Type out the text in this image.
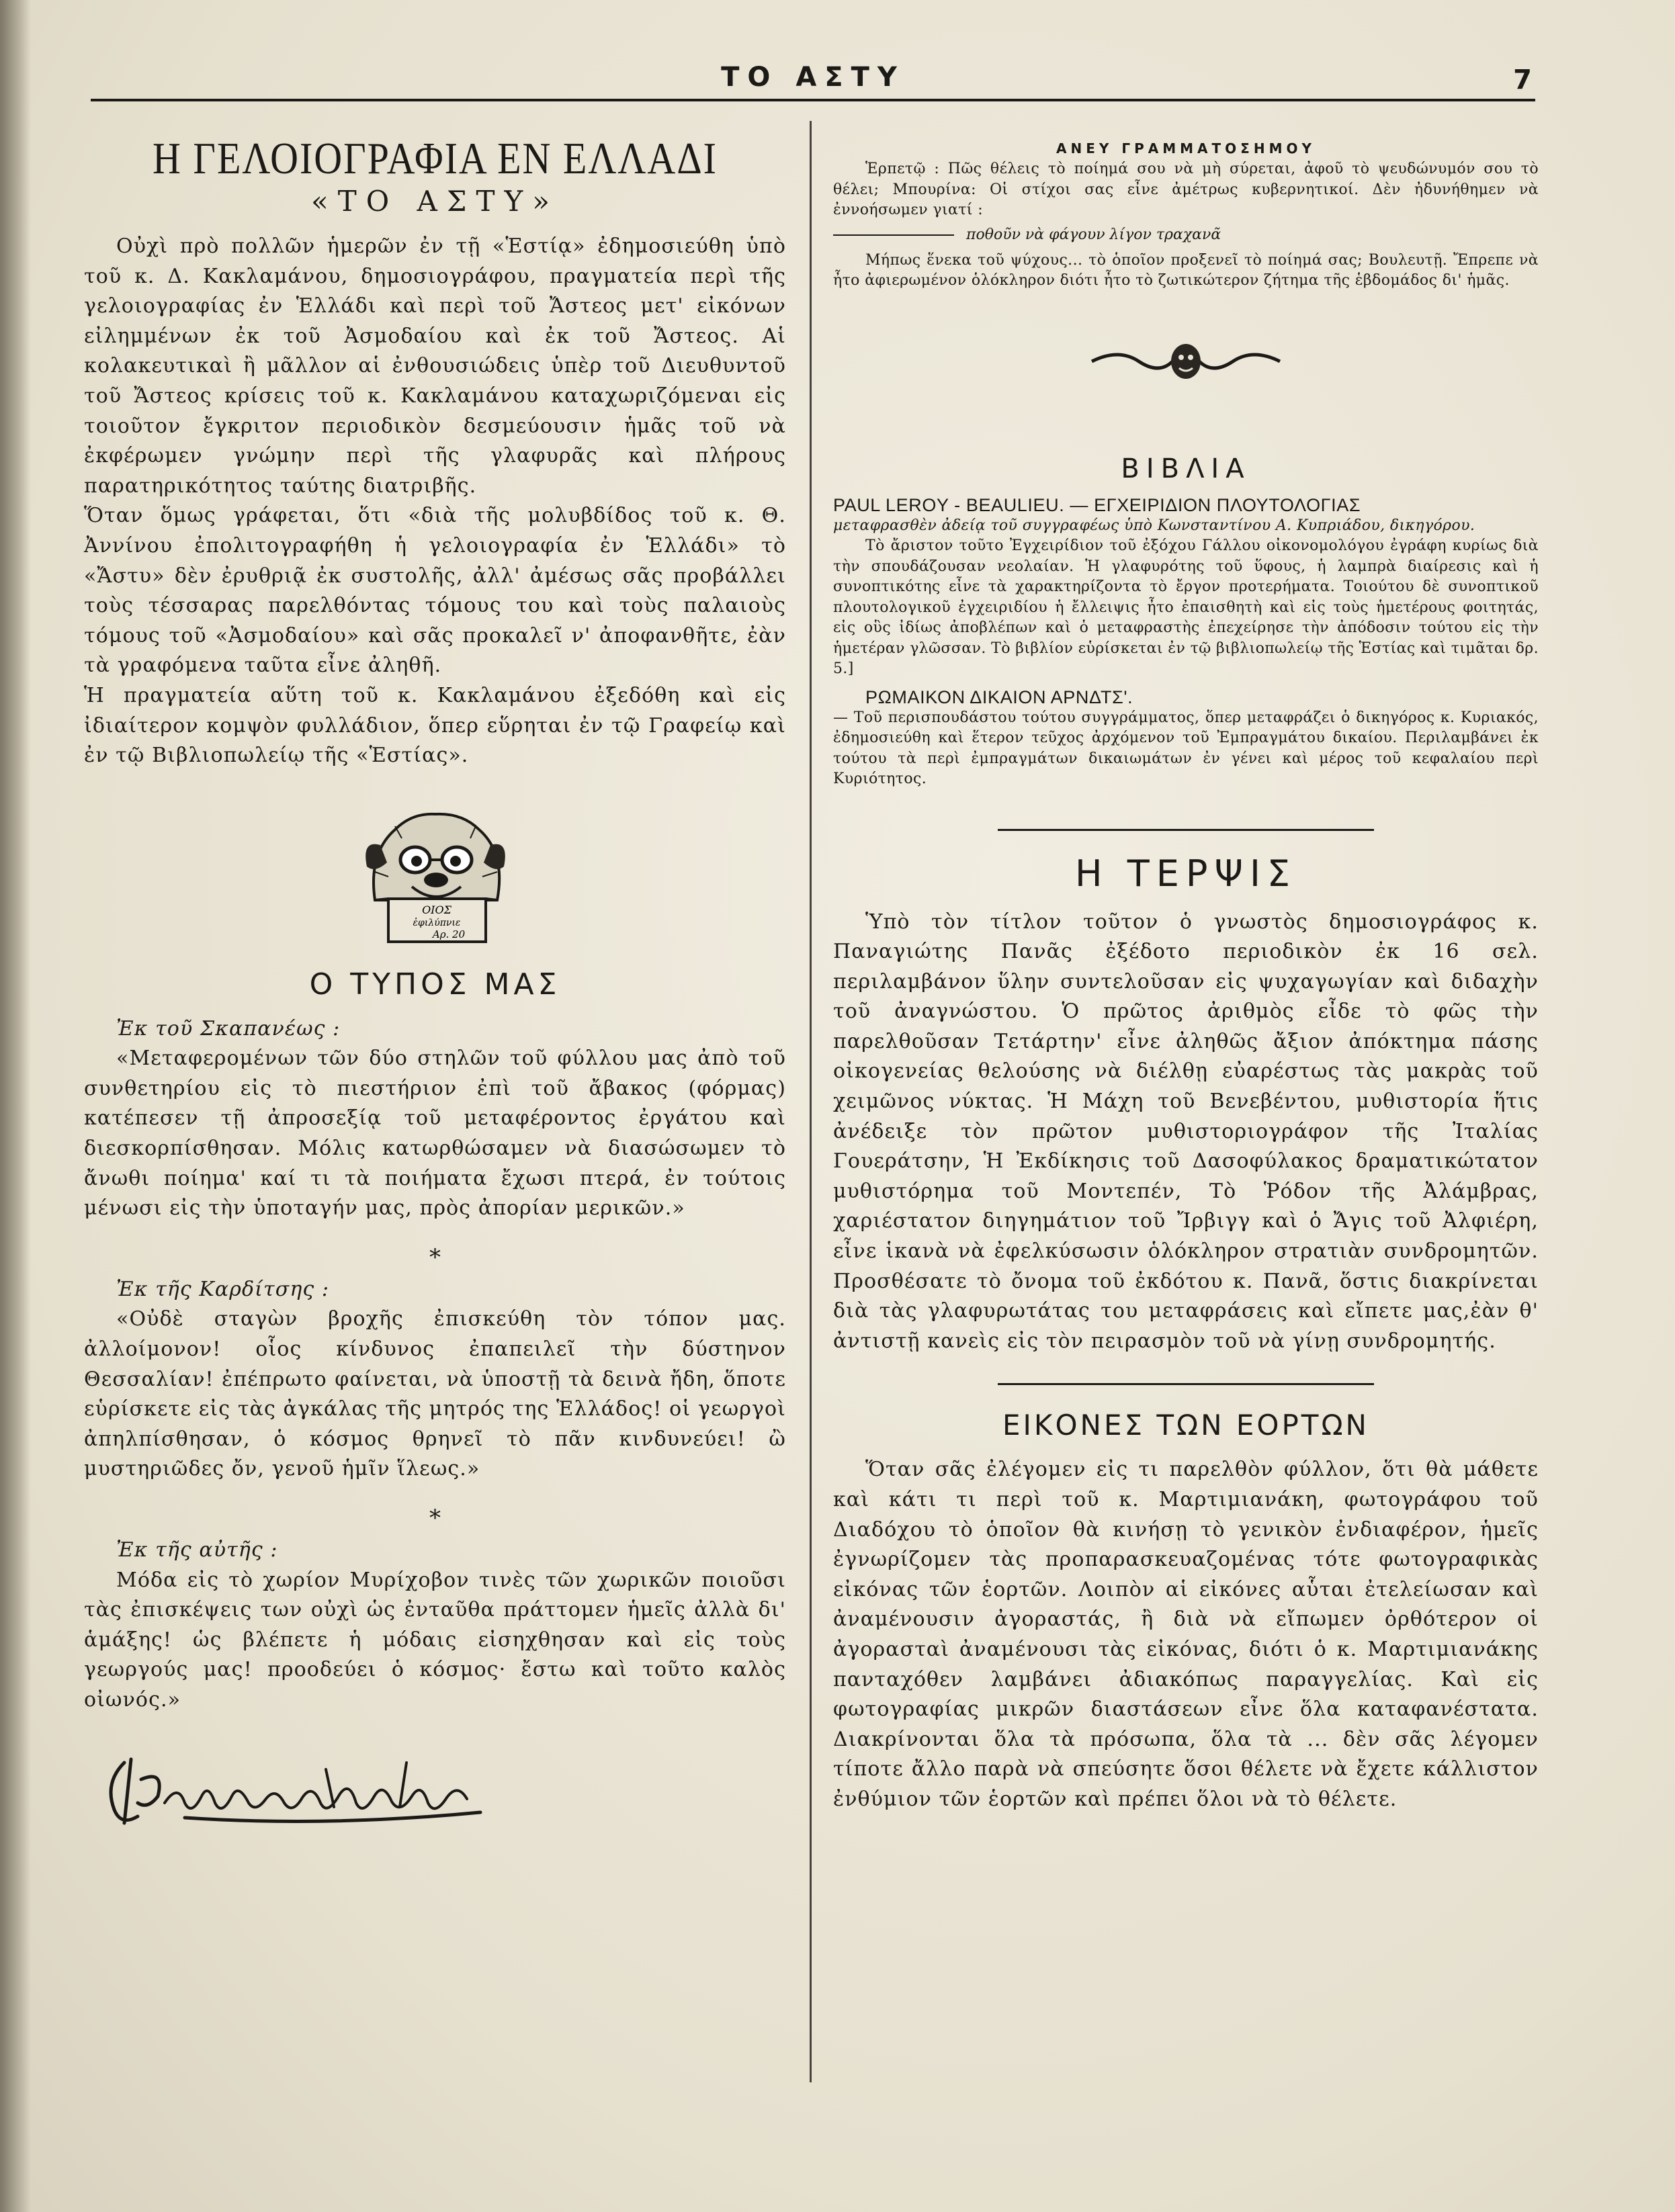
ΤΟ ΑΣΤΥ	7
Η ΓΕΛΟΙΟΓΡΑΦΙΑ ΕΝ ΕΛΛΑΔΙ
«ΤΟ ΑΣΤΥ»

Οὐχὶ πρὸ πολλῶν ἡμερῶν ἐν τῇ «Ἑστίᾳ» ἐδημοσιεύθη ὑπὸ τοῦ κ. Δ. Κακλαμάνου, δημοσιογράφου, πραγματεία περὶ τῆς γελοιογραφίας ἐν Ἑλλάδι καὶ περὶ τοῦ Ἄστεος μετ' εἰκόνων εἰλημμένων ἐκ τοῦ Ἀσμοδαίου καὶ ἐκ τοῦ Ἄστεος. Αἱ κολακευτικαὶ ἢ μᾶλλον αἱ ἐνθουσιώδεις ὑπὲρ τοῦ Διευθυντοῦ τοῦ Ἄστεος κρίσεις τοῦ κ. Κακλαμάνου καταχωριζόμεναι εἰς τοιοῦτον ἔγκριτον περιοδικὸν δεσμεύουσιν ἡμᾶς τοῦ νὰ ἐκφέρωμεν γνώμην περὶ τῆς γλαφυρᾶς καὶ πλήρους παρατηρικότητος ταύτης διατριβῆς.

Ὅταν ὅμως γράφεται, ὅτι «διὰ τῆς μολυβδίδος τοῦ κ. Θ. Ἀννίνου ἐπολιτογραφήθη ἡ γελοιογραφία ἐν Ἑλλάδι» τὸ «Ἄστυ» δὲν ἐρυθριᾷ ἐκ συστολῆς, ἀλλ' ἀμέσως σᾶς προβάλλει τοὺς τέσσαρας παρελθόντας τόμους του καὶ τοὺς παλαιοὺς τόμους τοῦ «Ἀσμοδαίου» καὶ σᾶς προκαλεῖ ν' ἀποφανθῆτε, ἐὰν τὰ γραφόμενα ταῦτα εἶνε ἀληθῆ.

Ἡ πραγματεία αὕτη τοῦ κ. Κακλαμάνου ἐξεδόθη καὶ εἰς ἰδιαίτερον κομψὸν φυλλάδιον, ὅπερ εὕρηται ἐν τῷ Γραφείῳ καὶ ἐν τῷ Βιβλιοπωλείῳ τῆς «Ἑστίας».

ΟΙΟΣ
ἐφιλύπνιε
Αρ. 20
Ο ΤΥΠΟΣ ΜΑΣ

Ἐκ τοῦ Σκαπανέως :

«Μεταφερομένων τῶν δύο στηλῶν τοῦ φύλλου μας ἀπὸ τοῦ συνθετηρίου εἰς τὸ πιεστήριον ἐπὶ τοῦ ἄβακος (φόρμας) κατέπεσεν τῇ ἀπροσεξίᾳ τοῦ μεταφέροντος ἐργάτου καὶ διεσκορπίσθησαν. Μόλις κατωρθώσαμεν νὰ διασώσωμεν τὸ ἄνωθι ποίημα' καί τι τὰ ποιήματα ἔχωσι πτερά, ἐν τούτοις μένωσι εἰς τὴν ὑποταγήν μας, πρὸς ἀπορίαν μερικῶν.»

*

Ἐκ τῆς Καρδίτσης :

«Οὐδὲ σταγὼν βροχῆς ἐπισκεύθη τὸν τόπον μας. ἀλλοίμονον! οἷος κίνδυνος ἐπαπειλεῖ τὴν δύστηνον Θεσσαλίαν! ἐπέπρωτο φαίνεται, νὰ ὑποστῇ τὰ δεινὰ ἤδη, ὅποτε εὑρίσκετε εἰς τὰς ἀγκάλας τῆς μητρός της Ἑλλάδος! οἱ γεωργοὶ ἀπηλπίσθησαν, ὁ κόσμος θρηνεῖ τὸ πᾶν κινδυνεύει! ὢ μυστηριῶδες ὄν, γενοῦ ἡμῖν ἵλεως.»

*

Ἐκ τῆς αὐτῆς :

Μόδα εἰς τὸ χωρίον Μυρίχοβον τινὲς τῶν χωρικῶν ποιοῦσι τὰς ἐπισκέψεις των οὐχὶ ὡς ἐνταῦθα πράττομεν ἡμεῖς ἀλλὰ δι' ἁμάξης! ὡς βλέπετε ἡ μόδαις εἰσηχθησαν καὶ εἰς τοὺς γεωργούς μας! προοδεύει ὁ κόσμος· ἔστω καὶ τοῦτο καλὸς οἰωνός.»

ΑΝΕΥ ΓΡΑΜΜΑΤΟΣΗΜΟΥ

Ἑρπετῷ : Πῶς θέλεις τὸ ποίημά σου νὰ μὴ σύρεται, ἀφοῦ τὸ ψευδώνυμόν σου τὸ θέλει; Μπουρίνα: Οἱ στίχοι σας εἶνε ἀμέτρως κυβερνητικοί. Δὲν ἠδυνήθημεν νὰ ἐννοήσωμεν γιατί :

ποθοῦν νὰ φάγουν λίγον τραχανᾶ

Μήπως ἕνεκα τοῦ ψύχους... τὸ ὁποῖον προξενεῖ τὸ ποίημά σας; Βουλευτῇ. Ἔπρεπε νὰ ἦτο ἀφιερωμένον ὁλόκληρον διότι ἦτο τὸ ζωτικώτερον ζήτημα τῆς ἑβδομάδος δι' ἡμᾶς.

ΒΙΒΛΙΑ

PAUL LEROY - BEAULIEU. — ΕΓΧΕΙΡΙΔΙΟΝ ΠΛΟΥΤΟΛΟΓΙΑΣ

μεταφρασθὲν ἀδείᾳ τοῦ συγγραφέως ὑπὸ Κωνσταντίνου Α. Κυπριάδου, δικηγόρου.

Τὸ ἄριστον τοῦτο Ἐγχειρίδιον τοῦ ἐξόχου Γάλλου οἰκονομολόγου ἐγράφη κυρίως διὰ τὴν σπουδάζουσαν νεολαίαν. Ἡ γλαφυρότης τοῦ ὕφους, ἡ λαμπρὰ διαίρεσις καὶ ἡ συνοπτικότης εἶνε τὰ χαρακτηρίζοντα τὸ ἔργον προτερήματα. Τοιούτου δὲ συνοπτικοῦ πλουτολογικοῦ ἐγχειριδίου ἡ ἔλλειψις ἦτο ἐπαισθητὴ καὶ εἰς τοὺς ἡμετέρους φοιτητάς, εἰς οὓς ἰδίως ἀποβλέπων καὶ ὁ μεταφραστὴς ἐπεχείρησε τὴν ἀπόδοσιν τούτου εἰς τὴν ἡμετέραν γλῶσσαν. Τὸ βιβλίον εὑρίσκεται ἐν τῷ βιβλιοπωλείῳ τῆς Ἑστίας καὶ τιμᾶται δρ. 5.]

ΡΩΜΑΙΚΟΝ ΔΙΚΑΙΟΝ ΑΡΝΔΤΣ'.

— Τοῦ περισπουδάστου τούτου συγγράμματος, ὅπερ μεταφράζει ὁ δικηγόρος κ. Κυριακός, ἐδημοσιεύθη καὶ ἕτερον τεῦχος ἀρχόμενον τοῦ Ἐμπραγμάτου δικαίου. Περιλαμβάνει ἐκ τούτου τὰ περὶ ἐμπραγμάτων δικαιωμάτων ἐν γένει καὶ μέρος τοῦ κεφαλαίου περὶ Κυριότητος.

Η ΤΕΡΨΙΣ

Ὑπὸ τὸν τίτλον τοῦτον ὁ γνωστὸς δημοσιογράφος κ. Παναγιώτης Πανᾶς ἐξέδοτο περιοδικὸν ἐκ 16 σελ. περιλαμβάνον ὕλην συντελοῦσαν εἰς ψυχαγωγίαν καὶ διδαχὴν τοῦ ἀναγνώστου. Ὁ πρῶτος ἀριθμὸς εἶδε τὸ φῶς τὴν παρελθοῦσαν Τετάρτην' εἶνε ἀληθῶς ἄξιον ἀπόκτημα πάσης οἰκογενείας θελούσης νὰ διέλθῃ εὐαρέστως τὰς μακρὰς τοῦ χειμῶνος νύκτας. Ἡ Μάχη τοῦ Βενεβέντου, μυθιστορία ἥτις ἀνέδειξε τὸν πρῶτον μυθιστοριογράφον τῆς Ἰταλίας Γουεράτσην, Ἡ Ἐκδίκησις τοῦ Δασοφύλακος δραματικώτατον μυθιστόρημα τοῦ Μοντεπέν, Τὸ Ῥόδον τῆς Ἀλάμβρας, χαριέστατον διηγημάτιον τοῦ Ἴρβιγγ καὶ ὁ Ἄγις τοῦ Ἀλφιέρη, εἶνε ἱκανὰ νὰ ἐφελκύσωσιν ὁλόκληρον στρατιὰν συνδρομητῶν. Προσθέσατε τὸ ὄνομα τοῦ ἐκδότου κ. Πανᾶ, ὅστις διακρίνεται διὰ τὰς γλαφυρωτάτας του μεταφράσεις καὶ εἴπετε μας,ἐὰν θ' ἀντιστῇ κανεὶς εἰς τὸν πειρασμὸν τοῦ νὰ γίνῃ συνδρομητής.

ΕΙΚΟΝΕΣ ΤΩΝ ΕΟΡΤΩΝ

Ὅταν σᾶς ἐλέγομεν εἰς τι παρελθὸν φύλλον, ὅτι θὰ μάθετε καὶ κάτι τι περὶ τοῦ κ. Μαρτιμιανάκη, φωτογράφου τοῦ Διαδόχου τὸ ὁποῖον θὰ κινήσῃ τὸ γενικὸν ἐνδιαφέρον, ἡμεῖς ἐγνωρίζομεν τὰς προπαρασκευαζομένας τότε φωτογραφικὰς εἰκόνας τῶν ἑορτῶν. Λοιπὸν αἱ εἰκόνες αὗται ἐτελείωσαν καὶ ἀναμένουσιν ἀγοραστάς, ἢ διὰ νὰ εἴπωμεν ὀρθότερον οἱ ἀγορασταὶ ἀναμένουσι τὰς εἰκόνας, διότι ὁ κ. Μαρτιμιανάκης πανταχόθεν λαμβάνει ἀδιακόπως παραγγελίας. Καὶ εἰς φωτογραφίας μικρῶν διαστάσεων εἶνε ὅλα καταφανέστατα. Διακρίνονται ὅλα τὰ πρόσωπα, ὅλα τὰ ... δὲν σᾶς λέγομεν τίποτε ἄλλο παρὰ νὰ σπεύσητε ὅσοι θέλετε νὰ ἔχετε κάλλιστον ἐνθύμιον τῶν ἑορτῶν καὶ πρέπει ὅλοι νὰ τὸ θέλετε.
